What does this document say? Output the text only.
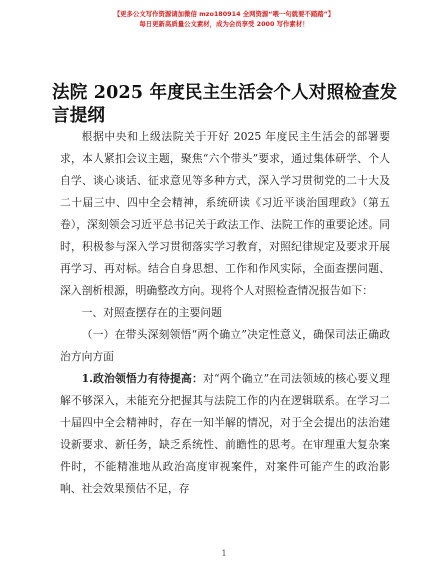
【更多公文写作资源请加微信 mzo180914 全网资源“喂一句就要不踏踏”】
每日更新高质量公文素材，成为会员享受 2000 写作素材！
法院 2025 年度民主生活会个人对照检查发言提纲

根据中央和上级法院关于开好 2025 年度民主生活会的部署要求，本人紧扣会议主题，聚焦“六个带头”要求，通过集体研学、个人自学、谈心谈话、征求意见等多种方式，深入学习贯彻党的二十大及二十届三中、四中全会精神，系统研读《习近平谈治国理政》（第五卷），深刻领会习近平总书记关于政法工作、法院工作的重要论述。同时，积极参与深入学习贯彻落实学习教育，对照纪律规定及要求开展再学习、再对标。结合自身思想、工作和作风实际，全面查摆问题、深入剖析根源，明确整改方向。现将个人对照检查情况报告如下：

一、对照查摆存在的主要问题

（一）在带头深刻领悟“两个确立”决定性意义，确保司法正确政治方向方面

1.政治领悟力有待提高：对“两个确立”在司法领域的核心要义理解不够深入，未能充分把握其与法院工作的内在逻辑联系。在学习二十届四中全会精神时，存在一知半解的情况，对于全会提出的法治建设新要求、新任务，缺乏系统性、前瞻性的思考。在审理重大复杂案件时，不能精准地从政治高度审视案件，对案件可能产生的政治影响、社会效果预估不足，存

1
